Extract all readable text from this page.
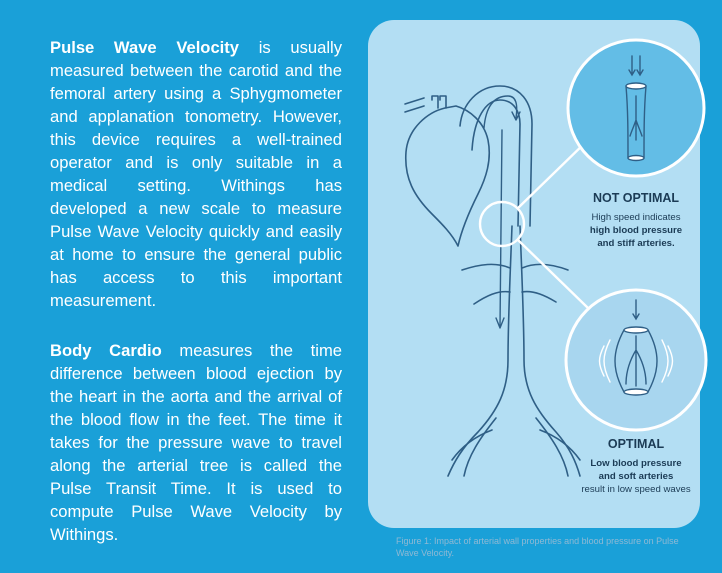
Pulse Wave Velocity is usually measured between the carotid and the femoral artery using a Sphygmometer and applanation tonometry. However, this device requires a well-trained operator and is only suitable in a medical setting. Withings has developed a new scale to measure Pulse Wave Velocity quickly and easily at home to ensure the general public has access to this important measurement.

Body Cardio measures the time difference between blood ejection by the heart in the aorta and the arrival of the blood flow in the feet. The time it takes for the pressure wave to travel along the arterial tree is called the Pulse Transit Time. It is used to compute Pulse Wave Velocity by Withings.

NOT OPTIMAL
High speed indicates
high blood pressure
and stiff arteries.
OPTIMAL
Low blood pressure
and soft arteries
result in low speed waves
Figure 1: Impact of arterial wall properties and blood pressure on Pulse Wave Velocity.
